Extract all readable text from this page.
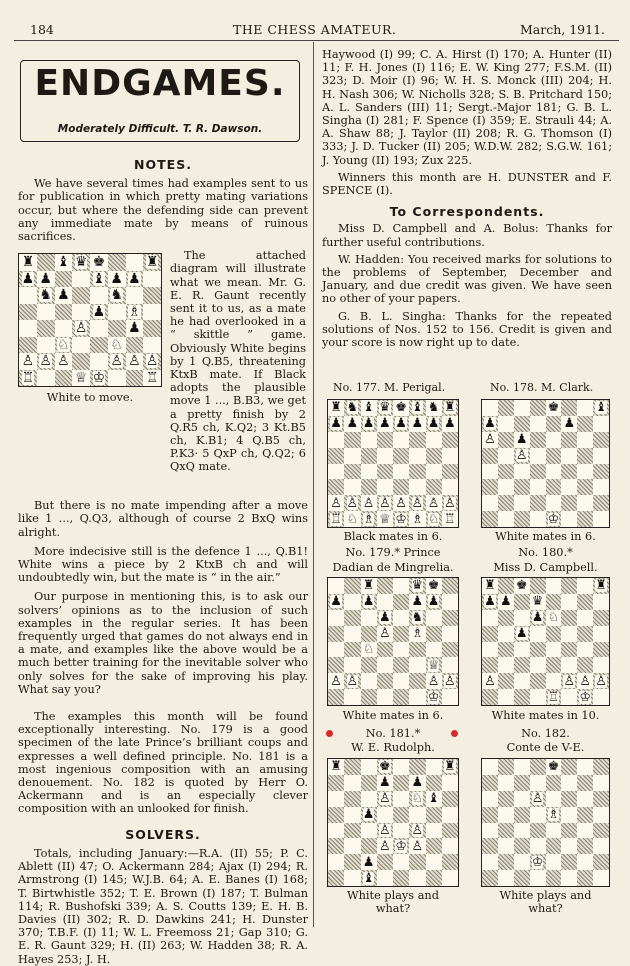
184	THE CHESS AMATEUR.	March, 1911.
ENDGAMES.
Moderately Difficult. T. R. Dawson.
NOTES.

We have several times had examples sent to us for publication in which pretty mating variations occur, but where the defending side can prevent any immediate mate by means of ruinous sacrifices.

♜ ♝ ♛ ♚	♜
♟ ♟	♝ ♟ ♟
♞ ♟	♞
♟ ♗
♙	♟
♘	♘
♙ ♙ ♙	♙ ♙ ♙
♖	♕ ♔	♖
White to move.

The attached diagram will illustrate what we mean. Mr. G. E. R. Gaunt recently sent it to us, as a mate he had overlooked in a “ skittle ” game. Obviously White begins by 1 Q.B5, threatening KtxB mate. If Black adopts the plausible move 1 ..., B.B3, we get a pretty finish by 2 Q.R5 ch, K.Q2; 3 Kt.B5 ch, K.B1; 4 Q.B5 ch, P.K3· 5 QxP ch, Q.Q2; 6 QxQ mate.

But there is no mate impending after a move like 1 ..., Q.Q3, although of course 2 BxQ wins alright.

More indecisive still is the defence 1 ..., Q.B1! White wins a piece by 2 KtxB ch and will undoubtedly win, but the mate is “ in the air.”

Our purpose in mentioning this, is to ask our solvers’ opinions as to the inclusion of such examples in the regular series. It has been frequently urged that games do not always end in a mate, and examples like the above would be a much better training for the inevitable solver who only solves for the sake of improving his play. What say you?

The examples this month will be found exceptionally interesting. No. 179 is a good specimen of the late Prince’s brilliant coups and expresses a well defined principle. No. 181 is a most ingenious composition with an amusing denouement. No. 182 is quoted by Herr O. Ackermann and is an especially clever composition with an unlooked for finish.

SOLVERS.

Totals, including January:—R.A. (II) 55; P. C. Ablett (II) 47; O. Ackermann 284; Ajax (I) 294; R. Armstrong (I) 145; W.J.B. 64; A. E. Banes (I) 168; T. Birtwhistle 352; T. E. Brown (I) 187; T. Bulman 114; R. Bushofski 339; A. S. Coutts 139; E. H. B. Davies (II) 302; R. D. Dawkins 241; H. Dunster 370; T.B.F. (I) 11; W. L. Freemoss 21; Gap 310; G. E. R. Gaunt 329; H. (II) 263; W. Hadden 38; R. A. Hayes 253; J. H.

Haywood (I) 99; C. A. Hirst (I) 170; A. Hunter (II) 11; F. H. Jones (I) 116; E. W. King 277; F.S.M. (II) 323; D. Moir (I) 96; W. H. S. Monck (III) 204; H. H. Nash 306; W. Nicholls 328; S. B. Pritchard 150; A. L. Sanders (III) 11; Sergt.-Major 181; G. B. L. Singha (I) 281; F. Spence (I) 359; E. Strauli 44; A. A. Shaw 88; J. Taylor (II) 208; R. G. Thomson (I) 333; J. D. Tucker (II) 205; W.D.W. 282; S.G.W. 161; J. Young (II) 193; Zux 225.

Winners this month are H. DUNSTER and F. SPENCE (I).

To Correspondents.

Miss D. Campbell and A. Bolus: Thanks for further useful contributions.

W. Hadden: You received marks for solutions to the problems of September, December and January, and due credit was given. We have seen no other of your papers.

G. B. L. Singha: Thanks for the repeated solutions of Nos. 152 to 156. Credit is given and your score is now right up to date.

No. 177. M. Perigal.	No. 178. M. Clark.
♜ ♞ ♝ ♛ ♚ ♝ ♞ ♜
♟ ♟ ♟ ♟ ♟ ♟ ♟ ♟
♙ ♙ ♙ ♙ ♙ ♙ ♙ ♙
♖ ♘ ♗ ♕ ♔ ♗ ♘ ♖
♚	♝
♟	♟
♙ ♟
♙
♔
Black mates in 6.	White mates in 6.
No. 179.* Prince	No. 180.*
Dadian de Mingrelia.	Miss D. Campbell.
♜	♛ ♚
♟ ♟	♟ ♟
♟ ♞
♙ ♗
♘
♕
♙ ♙	♙ ♙
♔
♜ ♚	♜
♟ ♟ ♛
♟ ♘
♟
♙	♙ ♙ ♙
♖ ♔
White mates in 6.	White mates in 10.
No. 181.*	No. 182.
W. E. Rudolph.	Conte de V-E.
♜	♚	♜
♟ ♟
♙ ♘ ♝
♟
♙ ♙
♙ ♔ ♙
♟
♝
♚
♙
♗
♔
White plays and	White plays and
what?	what?
